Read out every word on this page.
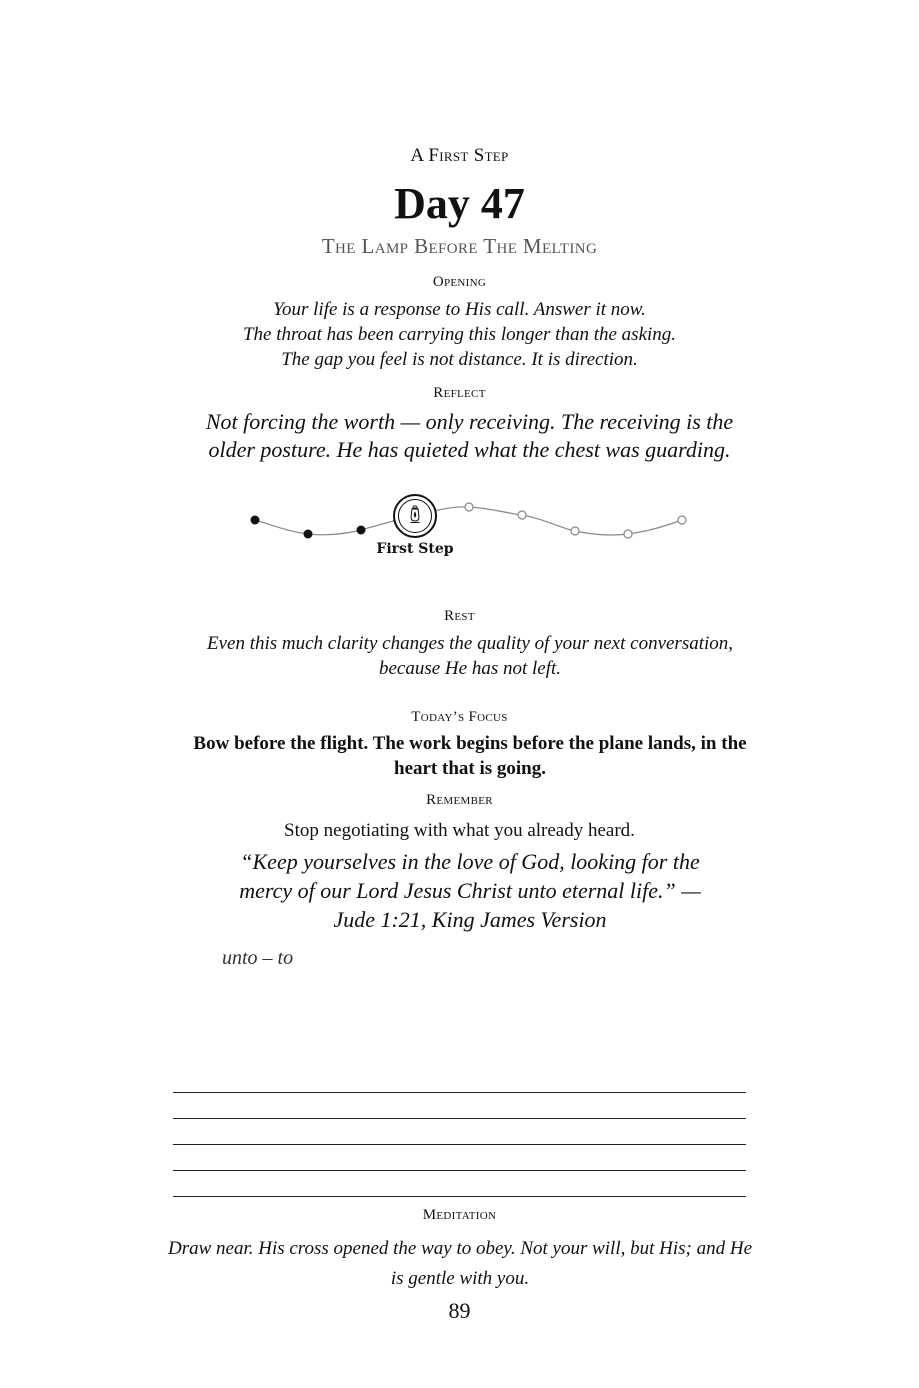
A First Step

Day 47

The Lamp Before The Melting

Opening

Your life is a response to His call. Answer it now.
The throat has been carrying this longer than the asking.
The gap you feel is not distance. It is direction.

Reflect

Not forcing the worth — only receiving. The receiving is the older posture. He has quieted what the chest was guarding.

First Step

Rest

Even this much clarity changes the quality of your next conversation, because He has not left.

Today’s Focus

Bow before the flight. The work begins before the plane lands, in the heart that is going.

Remember

Stop negotiating with what you already heard.

“Keep yourselves in the love of God, looking for the mercy of our Lord Jesus Christ unto eternal life.” — Jude 1:21, King James Version

unto – to

Meditation

Draw near. His cross opened the way to obey. Not your will, but His; and He is gentle with you.

89
